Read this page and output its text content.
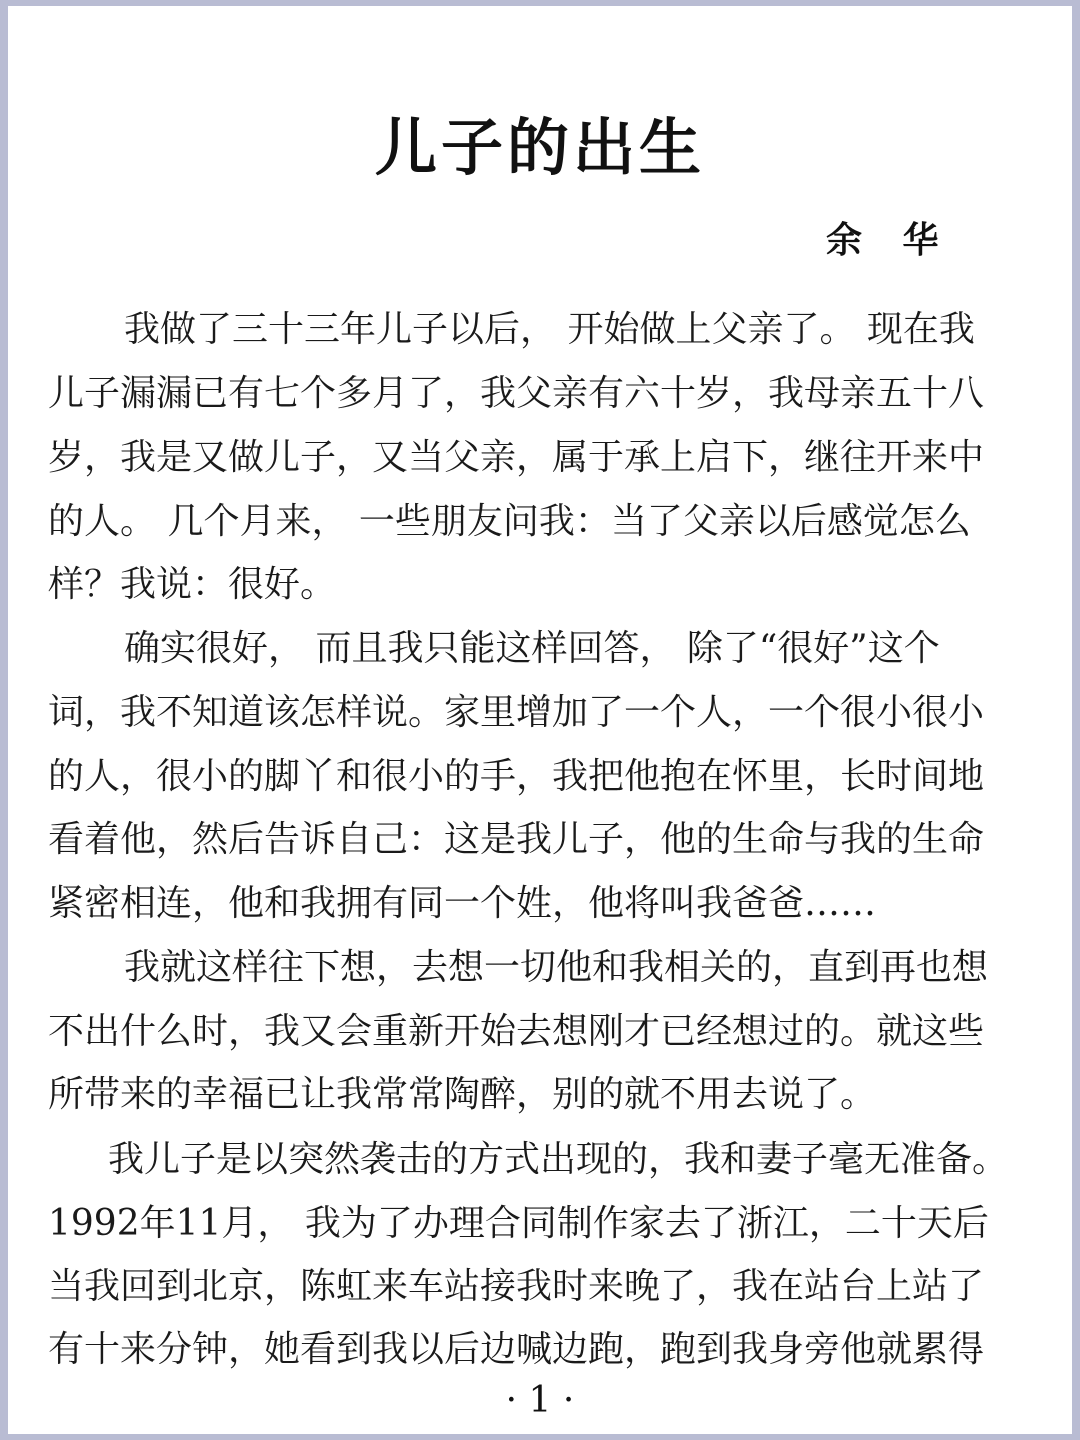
儿子的出生
余 华
我做了三十三年儿子以后， 开始做上父亲了。 现在我
儿子漏漏已有七个多月了，我父亲有六十岁，我母亲五十八
岁，我是又做儿子，又当父亲，属于承上启下，继往开来中
的人。 几个月来， 一些朋友问我：当了父亲以后感觉怎么
样？我说：很好。
确实很好， 而且我只能这样回答， 除了“很好”这个
词，我不知道该怎样说。家里增加了一个人，一个很小很小
的人，很小的脚丫和很小的手，我把他抱在怀里，长时间地
看着他，然后告诉自己：这是我儿子，他的生命与我的生命
紧密相连，他和我拥有同一个姓，他将叫我爸爸……
我就这样往下想，去想一切他和我相关的，直到再也想
不出什么时，我又会重新开始去想刚才已经想过的。就这些
所带来的幸福已让我常常陶醉，别的就不用去说了。
我儿子是以突然袭击的方式出现的，我和妻子毫无准备。
1992年11月， 我为了办理合同制作家去了浙江，二十天后
当我回到北京，陈虹来车站接我时来晚了，我在站台上站了
有十来分钟，她看到我以后边喊边跑，跑到我身旁他就累得
· 1 ·
